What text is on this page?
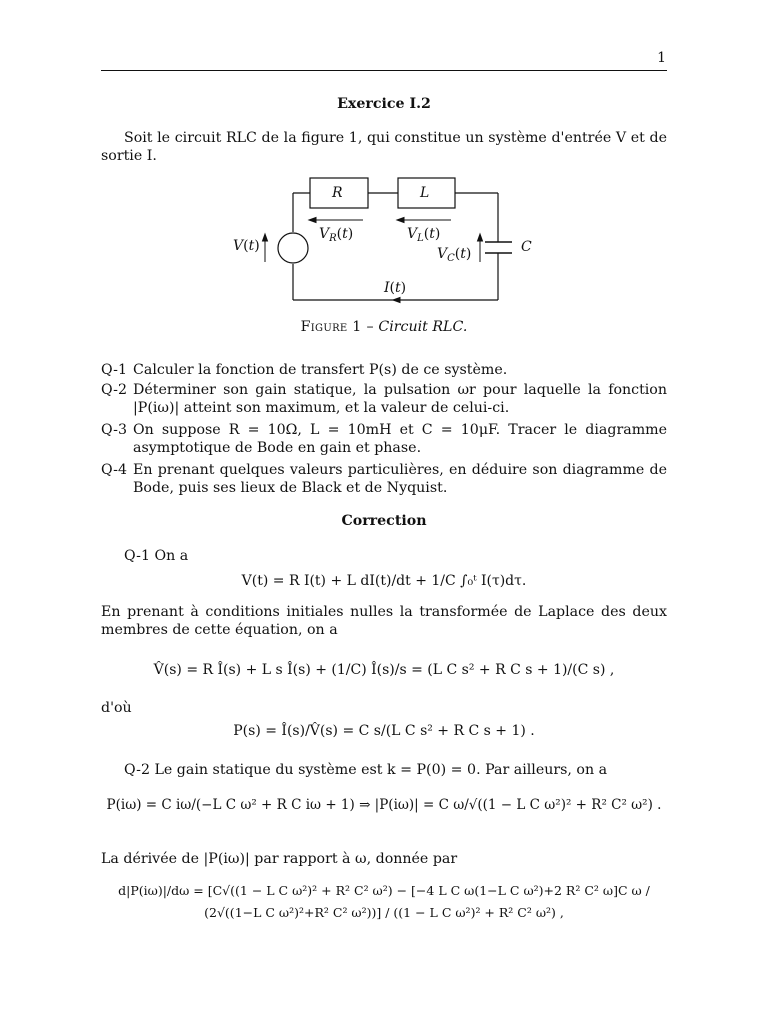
1
Exercice I.2
Soit le circuit RLC de la figure 1, qui constitue un système d'entrée V et de sortie I.
R	L
C
$V_R(t)$	$V_L(t)$
$V_C(t)$
V(t)
I(t)
Figure 1 – Circuit RLC.
Q-1 Calculer la fonction de transfert P(s) de ce système.
Q-2 Déterminer son gain statique, la pulsation ωr pour laquelle la fonction |P(iω)| atteint son maximum, et la valeur de celui-ci.
Q-3 On suppose R = 10Ω, L = 10mH et C = 10μF. Tracer le diagramme asymptotique de Bode en gain et phase.
Q-4 En prenant quelques valeurs particulières, en déduire son diagramme de Bode, puis ses lieux de Black et de Nyquist.
Correction
Q-1 On a
V(t) = R I(t) + L dI(t)/dt + 1/C ∫₀ᵗ I(τ)dτ.
En prenant à conditions initiales nulles la transformée de Laplace des deux membres de cette équation, on a
V̂(s) = R Î(s) + L s Î(s) + (1/C) Î(s)/s = (L C s² + R C s + 1)/(C s) ,
d'où
P(s) = Î(s)/V̂(s) = C s/(L C s² + R C s + 1) .
Q-2 Le gain statique du système est k = P(0) = 0. Par ailleurs, on a
P(iω) = C iω/(−L C ω² + R C iω + 1) ⇒ |P(iω)| = C ω/√((1 − L C ω²)² + R² C² ω²) .
La dérivée de |P(iω)| par rapport à ω, donnée par
d|P(iω)|/dω = [C√((1 − L C ω²)² + R² C² ω²) − [−4 L C ω(1−L C ω²)+2 R² C² ω]C ω / (2√((1−L C ω²)²+R² C² ω²))] / ((1 − L C ω²)² + R² C² ω²) ,
